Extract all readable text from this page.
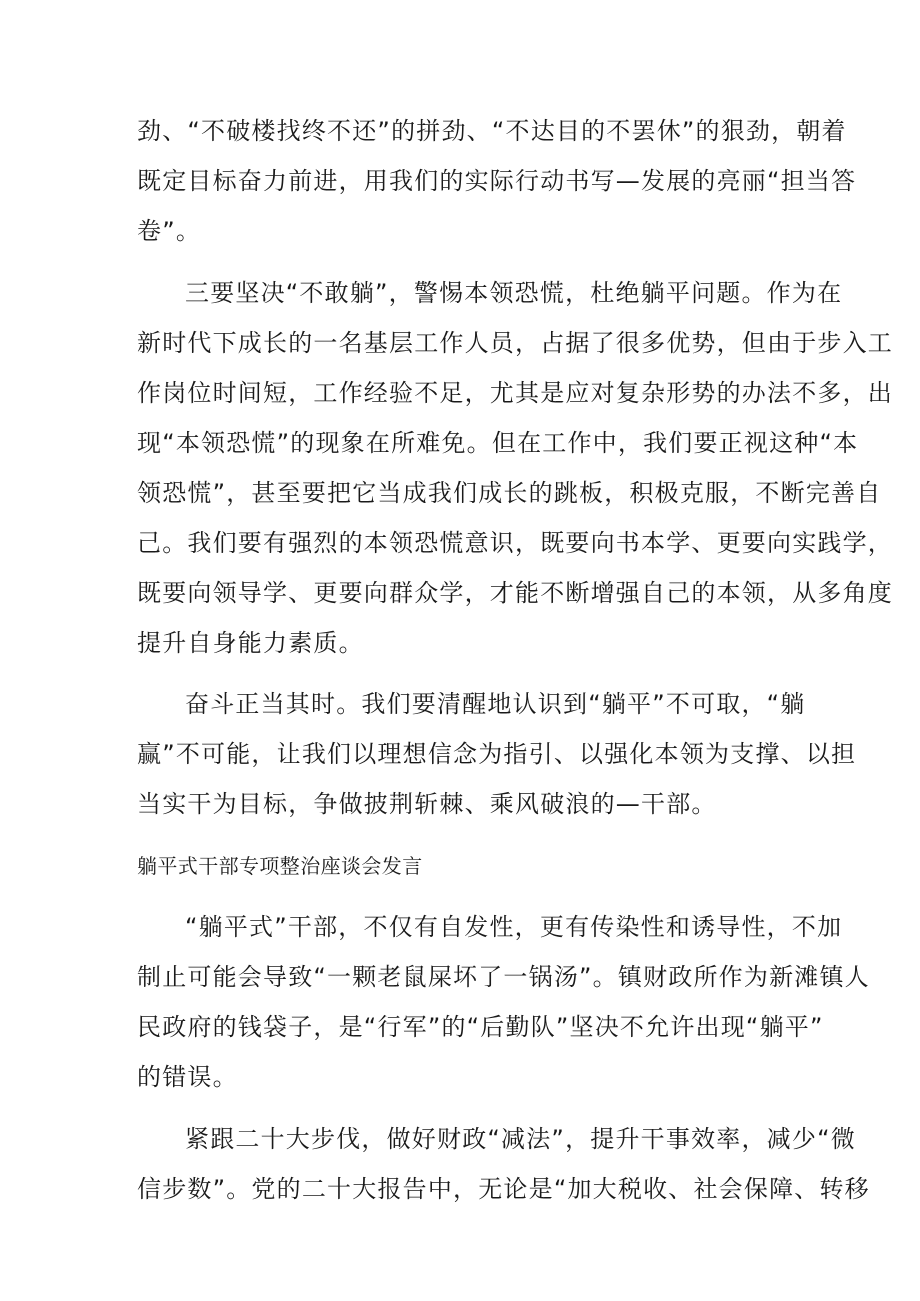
劲、“不破楼找终不还”的拼劲、“不达目的不罢休”的狠劲，朝着
既定目标奋力前进，用我们的实际行动书写—发展的亮丽“担当答
卷”。
三要坚决“不敢躺”，警惕本领恐慌，杜绝躺平问题。作为在
新时代下成长的一名基层工作人员，占据了很多优势，但由于步入工
作岗位时间短，工作经验不足，尤其是应对复杂形势的办法不多，出
现“本领恐慌”的现象在所难免。但在工作中，我们要正视这种“本
领恐慌”，甚至要把它当成我们成长的跳板，积极克服，不断完善自
己。我们要有强烈的本领恐慌意识，既要向书本学、更要向实践学，
既要向领导学、更要向群众学，才能不断增强自己的本领，从多角度
提升自身能力素质。
奋斗正当其时。我们要清醒地认识到“躺平”不可取，“躺
赢”不可能，让我们以理想信念为指引、以强化本领为支撑、以担
当实干为目标，争做披荆斩棘、乘风破浪的—干部。
躺平式干部专项整治座谈会发言
“躺平式”干部，不仅有自发性，更有传染性和诱导性，不加
制止可能会导致“一颗老鼠屎坏了一锅汤”。镇财政所作为新滩镇人
民政府的钱袋子，是“行军”的“后勤队”坚决不允许出现“躺平”
的错误。
紧跟二十大步伐，做好财政“减法”，提升干事效率，减少“微
信步数”。党的二十大报告中，无论是“加大税收、社会保障、转移
